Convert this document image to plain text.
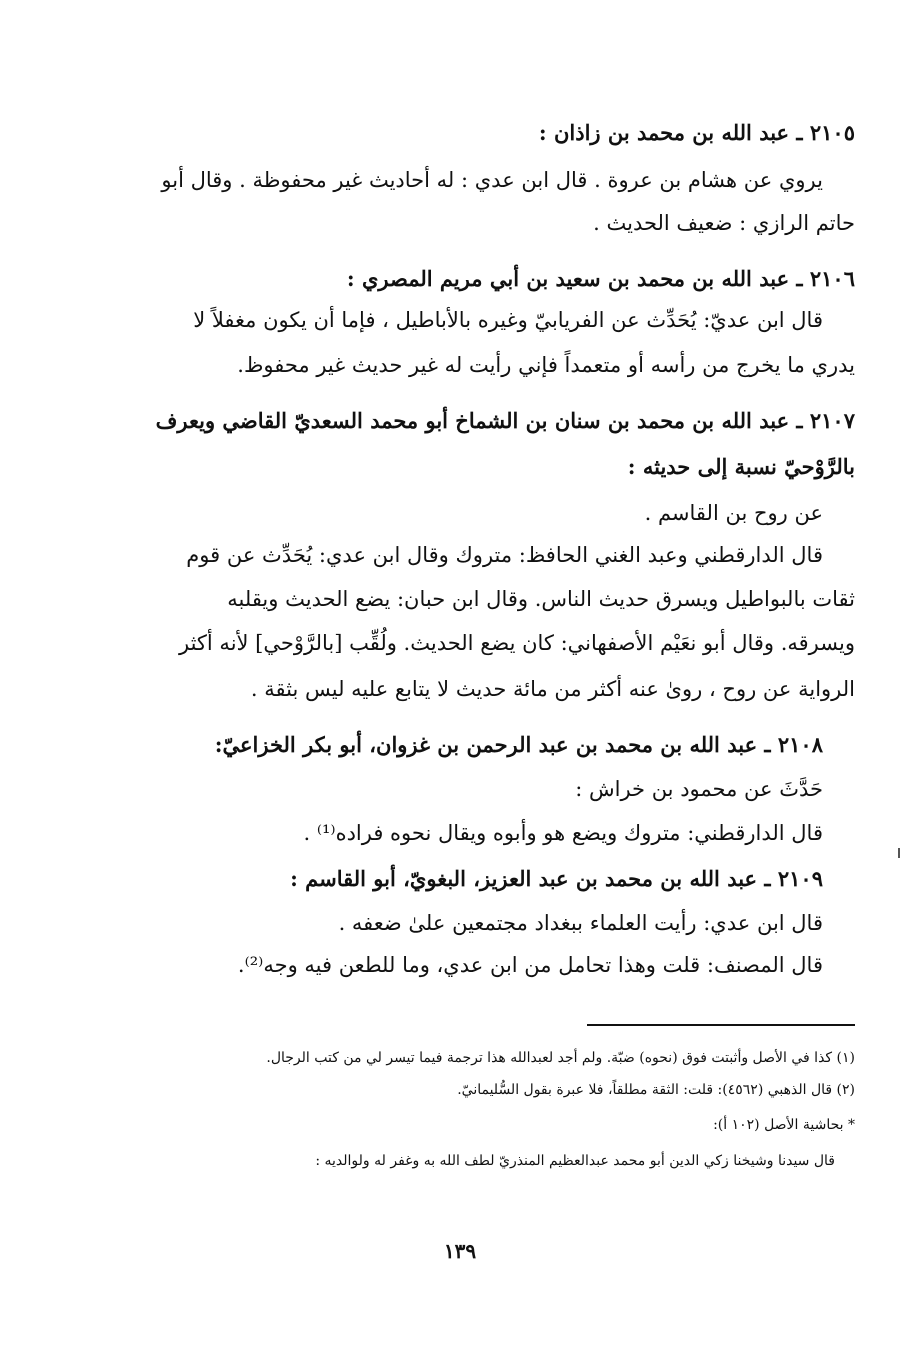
٢١٠٥ ـ عبد الله بن محمد بن زاذان :
يروي عن هشام بن عروة . قال ابن عدي : له أحاديث غير محفوظة . وقال أبو
حاتم الرازي : ضعيف الحديث .
٢١٠٦ ـ عبد الله بن محمد بن سعيد بن أبي مريم المصري :
قال ابن عديّ: يُحَدِّث عن الفريابيّ وغيره بالأباطيل ، فإما أن يكون مغفلاً لا
يدري ما يخرج من رأسه أو متعمداً فإني رأيت له غير حديث غير محفوظ.
٢١٠٧ ـ عبد الله بن محمد بن سنان بن الشماخ أبو محمد السعديّ القاضي ويعرف
بالرَّوْحيّ نسبة إلى حديثه :
عن روح بن القاسم .
قال الدارقطني وعبد الغني الحافظ: متروك وقال ابن عدي: يُحَدِّث عن قوم
ثقات بالبواطيل ويسرق حديث الناس. وقال ابن حبان: يضع الحديث ويقلبه
ويسرقه. وقال أبو نعَيْم الأصفهاني: كان يضع الحديث. ولُقِّب [بالرَّوْحي] لأنه أكثر
الرواية عن روح ، روىٰ عنه أكثر من مائة حديث لا يتابع عليه ليس بثقة .
٢١٠٨ ـ عبد الله بن محمد بن عبد الرحمن بن غزوان، أبو بكر الخزاعيّ:
حَدَّثَ عن محمود بن خراش :
قال الدارقطني: متروك ويضع هو وأبوه ويقال نحوه فراده⁽¹⁾ .
٢١٠٩ ـ عبد الله بن محمد بن عبد العزيز، البغويّ، أبو القاسم :
قال ابن عدي: رأيت العلماء ببغداد مجتمعين علىٰ ضعفه .
قال المصنف: قلت وهذا تحامل من ابن عدي، وما للطعن فيه وجه⁽²⁾.
(١) كذا في الأصل وأثبتت فوق (نحوه) ضبّة. ولم أجد لعبدالله هذا ترجمة فيما تيسر لي من كتب الرجال.
(٢) قال الذهبي (٤٥٦٢): قلت: الثقة مطلقاً، فلا عبرة بقول السُّليمانيّ.
* بحاشية الأصل (١٠٢ أ):
قال سيدنا وشيخنا زكي الدين أبو محمد عبدالعظيم المنذريّ لطف الله به وغفر له ولوالديه :
١٣٩
